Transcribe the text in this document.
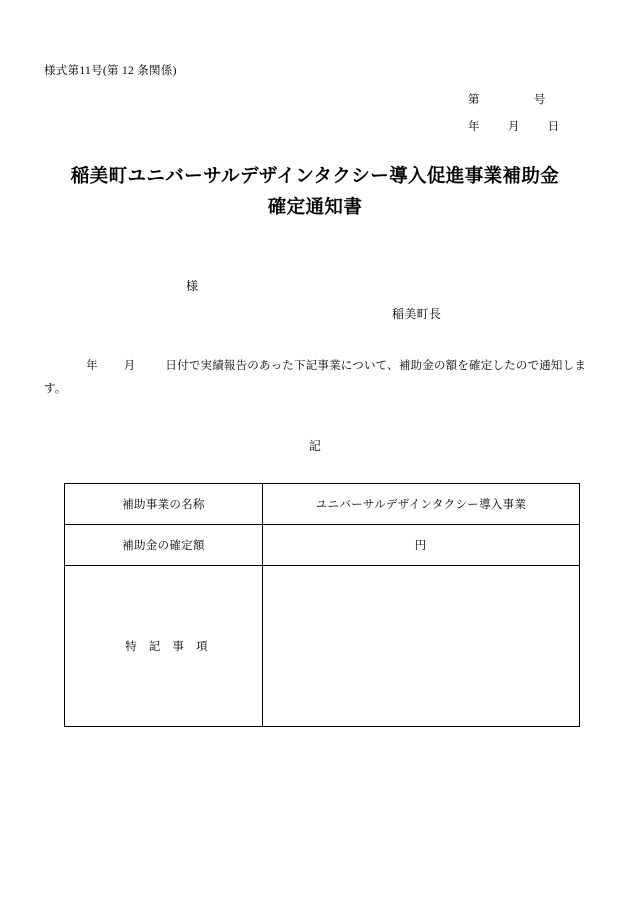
様式第11号(第 12 条関係)
第	号
年 月 日
稲美町ユニバーサルデザインタクシー導入促進事業補助金
確定通知書
様
稲美町長
年 月	日付で実績報告のあった下記事業について、補助金の額を確定したので通知しま
す。
記
補助事業の名称	ユニバーサルデザインタクシー導入事業
補助金の確定額	円
特　記　事　項	
